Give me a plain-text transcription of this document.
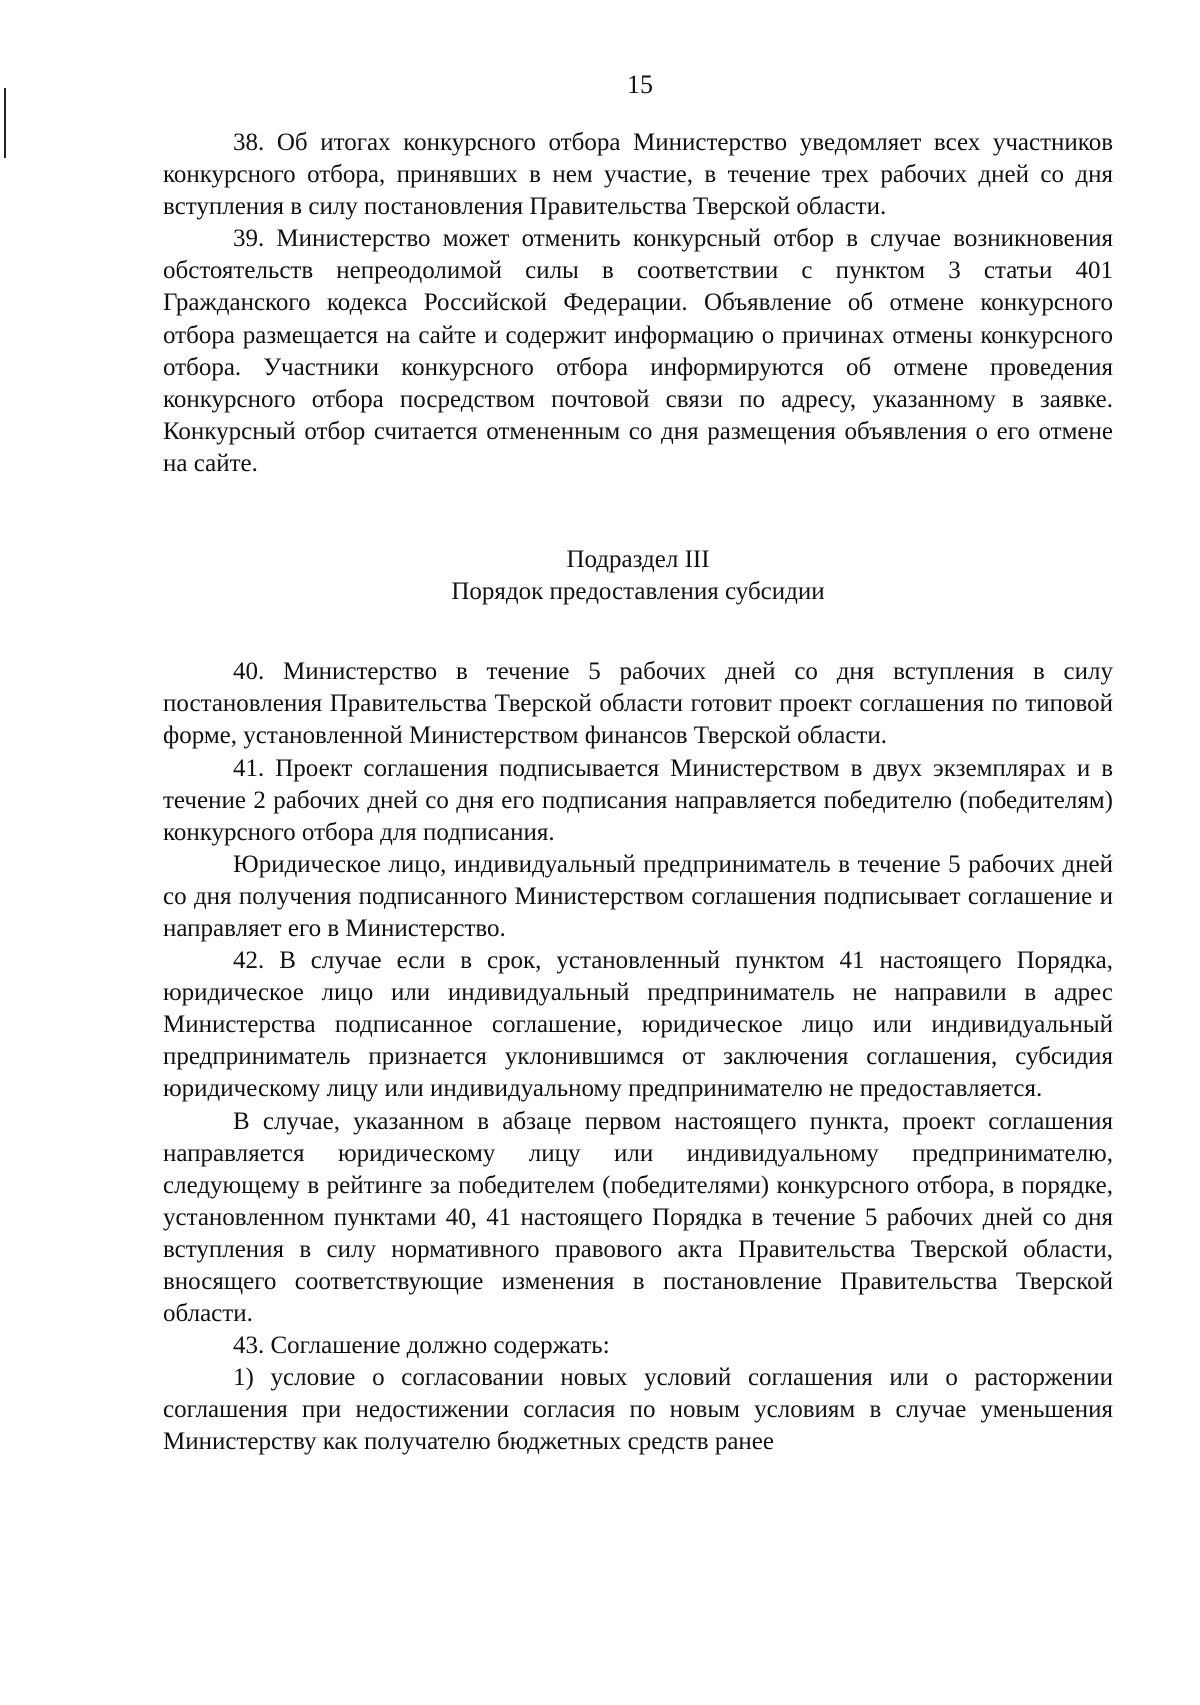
15

38. Об итогах конкурсного отбора Министерство уведомляет всех участников конкурсного отбора, принявших в нем участие, в течение трех рабочих дней со дня вступления в силу постановления Правительства Тверской области.

39. Министерство может отменить конкурсный отбор в случае возникновения обстоятельств непреодолимой силы в соответствии с пунктом 3 статьи 401 Гражданского кодекса Российской Федерации. Объявление об отмене конкурсного отбора размещается на сайте и содержит информацию о причинах отмены конкурсного отбора. Участники конкурсного отбора информируются об отмене проведения конкурсного отбора посредством почтовой связи по адресу, указанному в заявке. Конкурсный отбор считается отмененным со дня размещения объявления о его отмене на сайте.

Подраздел III

Порядок предоставления субсидии

40. Министерство в течение 5 рабочих дней со дня вступления в силу постановления Правительства Тверской области готовит проект соглашения по типовой форме, установленной Министерством финансов Тверской области.

41. Проект соглашения подписывается Министерством в двух экземплярах и в течение 2 рабочих дней со дня его подписания направляется победителю (победителям) конкурсного отбора для подписания.

Юридическое лицо, индивидуальный предприниматель в течение 5 рабочих дней со дня получения подписанного Министерством соглашения подписывает соглашение и направляет его в Министерство.

42. В случае если в срок, установленный пунктом 41 настоящего Порядка, юридическое лицо или индивидуальный предприниматель не направили в адрес Министерства подписанное соглашение, юридическое лицо или индивидуальный предприниматель признается уклонившимся от заключения соглашения, субсидия юридическому лицу или индивидуальному предпринимателю не предоставляется.

В случае, указанном в абзаце первом настоящего пункта, проект соглашения направляется юридическому лицу или индивидуальному предпринимателю, следующему в рейтинге за победителем (победителями) конкурсного отбора, в порядке, установленном пунктами 40, 41 настоящего Порядка в течение 5 рабочих дней со дня вступления в силу нормативного правового акта Правительства Тверской области, вносящего соответствующие изменения в постановление Правительства Тверской области.

43. Соглашение должно содержать:

1) условие о согласовании новых условий соглашения или о расторжении соглашения при недостижении согласия по новым условиям в случае уменьшения Министерству как получателю бюджетных средств ранее
